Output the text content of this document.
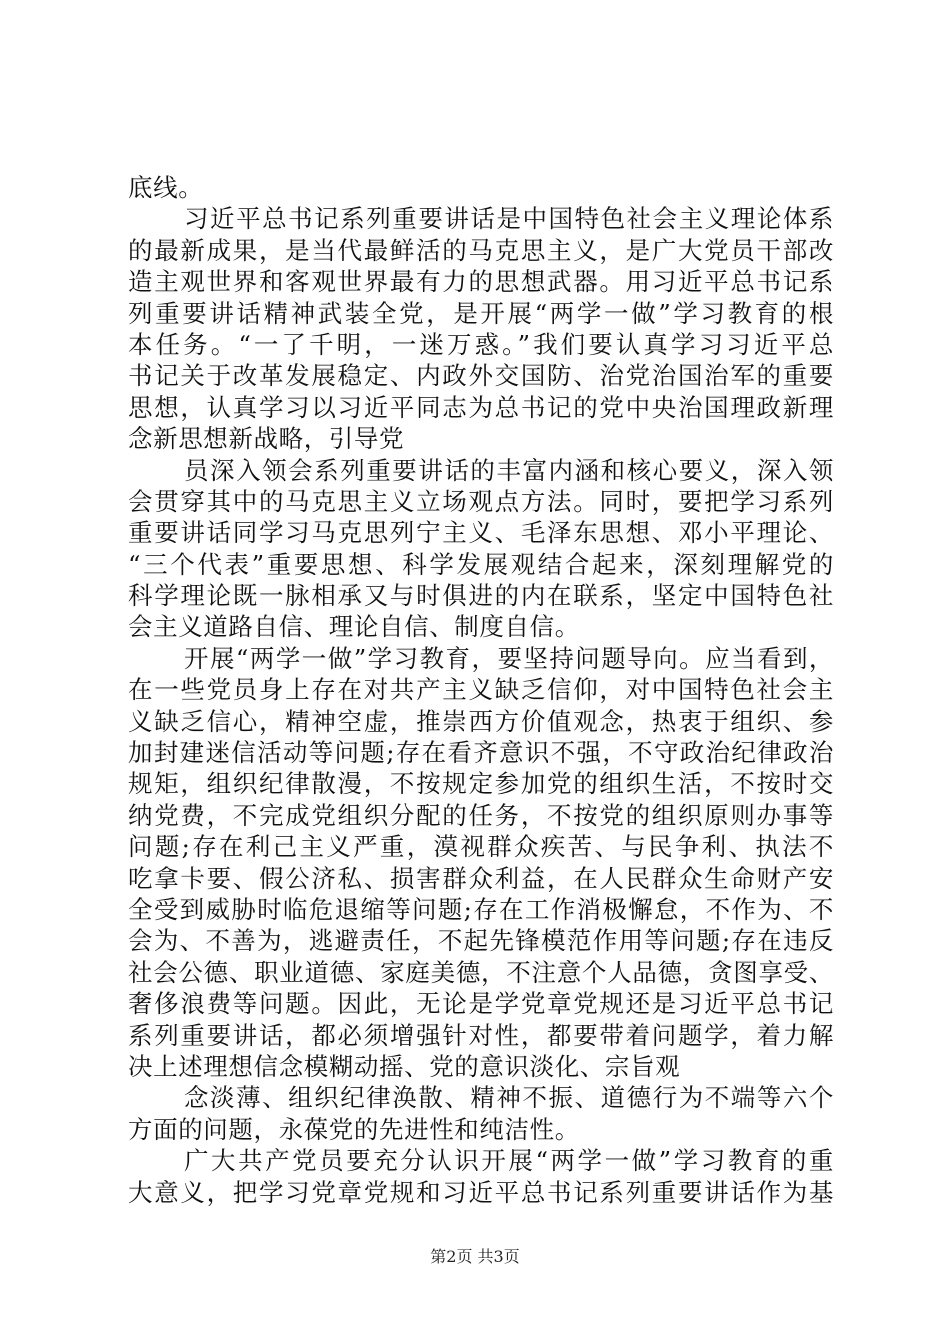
底线。
习近平总书记系列重要讲话是中国特色社会主义理论体系
的最新成果，是当代最鲜活的马克思主义，是广大党员干部改
造主观世界和客观世界最有力的思想武器。用习近平总书记系
列重要讲话精神武装全党，是开展“两学一做”学习教育的根
本任务。“一了千明，一迷万惑。”我们要认真学习习近平总
书记关于改革发展稳定、内政外交国防、治党治国治军的重要
思想，认真学习以习近平同志为总书记的党中央治国理政新理
念新思想新战略，引导党
员深入领会系列重要讲话的丰富内涵和核心要义，深入领
会贯穿其中的马克思主义立场观点方法。同时，要把学习系列
重要讲话同学习马克思列宁主义、毛泽东思想、邓小平理论、
“三个代表”重要思想、科学发展观结合起来，深刻理解党的
科学理论既一脉相承又与时俱进的内在联系，坚定中国特色社
会主义道路自信、理论自信、制度自信。
开展“两学一做”学习教育，要坚持问题导向。应当看到，
在一些党员身上存在对共产主义缺乏信仰，对中国特色社会主
义缺乏信心，精神空虚，推崇西方价值观念，热衷于组织、参
加封建迷信活动等问题;存在看齐意识不强，不守政治纪律政治
规矩，组织纪律散漫，不按规定参加党的组织生活，不按时交
纳党费，不完成党组织分配的任务，不按党的组织原则办事等
问题;存在利己主义严重，漠视群众疾苦、与民争利、执法不
吃拿卡要、假公济私、损害群众利益，在人民群众生命财产安
全受到威胁时临危退缩等问题;存在工作消极懈怠，不作为、不
会为、不善为，逃避责任，不起先锋模范作用等问题;存在违反
社会公德、职业道德、家庭美德，不注意个人品德，贪图享受、
奢侈浪费等问题。因此，无论是学党章党规还是习近平总书记
系列重要讲话，都必须增强针对性，都要带着问题学，着力解
决上述理想信念模糊动摇、党的意识淡化、宗旨观
念淡薄、组织纪律涣散、精神不振、道德行为不端等六个
方面的问题，永葆党的先进性和纯洁性。
广大共产党员要充分认识开展“两学一做”学习教育的重
大意义，把学习党章党规和习近平总书记系列重要讲话作为基
第2页 共3页
